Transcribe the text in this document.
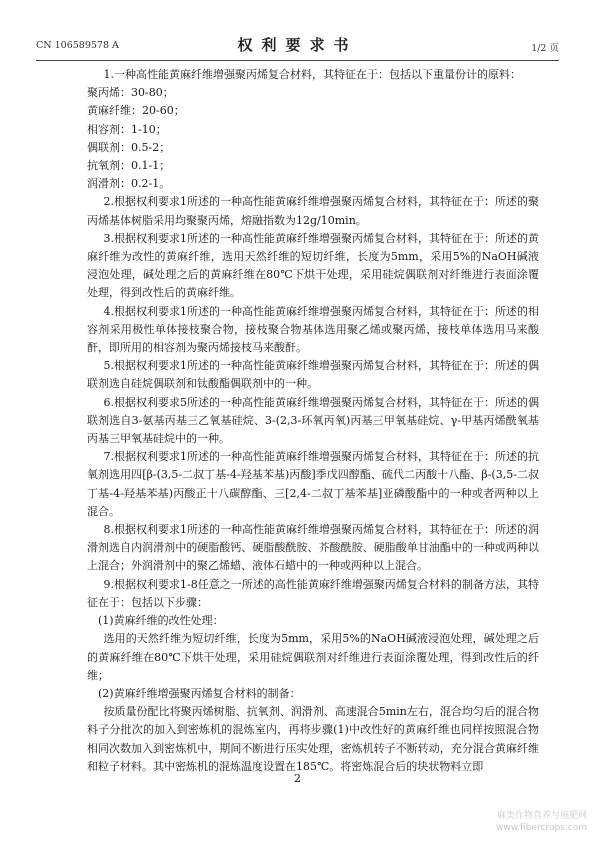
CN 106589578 A	权利要求书	1/2 页

1.一种高性能黄麻纤维增强聚丙烯复合材料，其特征在于：包括以下重量份计的原料：

聚丙烯：30-80；

黄麻纤维：20-60；

相容剂：1-10；

偶联剂：0.5-2；

抗氧剂：0.1-1；

润滑剂：0.2-1。

2.根据权利要求1所述的一种高性能黄麻纤维增强聚丙烯复合材料，其特征在于：所述的聚丙烯基体树脂采用均聚聚丙烯，熔融指数为12g/10min。

3.根据权利要求1所述的一种高性能黄麻纤维增强聚丙烯复合材料，其特征在于：所述的黄麻纤维为改性的黄麻纤维，选用天然纤维的短切纤维，长度为5mm，采用5%的NaOH碱液浸泡处理，碱处理之后的黄麻纤维在80℃下烘干处理，采用硅烷偶联剂对纤维进行表面涂覆处理，得到改性后的黄麻纤维。

4.根据权利要求1所述的一种高性能黄麻纤维增强聚丙烯复合材料，其特征在于：所述的相容剂采用极性单体接枝聚合物，接枝聚合物基体选用聚乙烯或聚丙烯，接枝单体选用马来酸酐，即所用的相容剂为聚丙烯接枝马来酸酐。

5.根据权利要求1所述的一种高性能黄麻纤维增强聚丙烯复合材料，其特征在于：所述的偶联剂选自硅烷偶联剂和钛酸酯偶联剂中的一种。

6.根据权利要求5所述的一种高性能黄麻纤维增强聚丙烯复合材料，其特征在于：所述的偶联剂选自3-氨基丙基三乙氧基硅烷、3-(2,3-环氧丙氧)丙基三甲氧基硅烷、γ-甲基丙烯酰氧基丙基三甲氧基硅烷中的一种。

7.根据权利要求1所述的一种高性能黄麻纤维增强聚丙烯复合材料，其特征在于：所述的抗氧剂选用四[β-(3,5-二叔丁基-4-羟基苯基)丙酸]季戊四醇酯、硫代二丙酸十八酯、β-(3,5-二叔丁基-4-羟基苯基)丙酸正十八碳醇酯、三[2,4-二叔丁基苯基]亚磷酸酯中的一种或者两种以上混合。

8.根据权利要求1所述的一种高性能黄麻纤维增强聚丙烯复合材料，其特征在于：所述的润滑剂选自内润滑剂中的硬脂酸钙、硬脂酸酰胺、芥酸酰胺、硬脂酸单甘油酯中的一种或两种以上混合；外润滑剂中的聚乙烯蜡、液体石蜡中的一种或两种以上混合。

9.根据权利要求1-8任意之一所述的高性能黄麻纤维增强聚丙烯复合材料的制备方法，其特征在于：包括以下步骤：

(1)黄麻纤维的改性处理：

选用的天然纤维为短切纤维，长度为5mm，采用5%的NaOH碱液浸泡处理，碱处理之后的黄麻纤维在80℃下烘干处理，采用硅烷偶联剂对纤维进行表面涂覆处理，得到改性后的纤维；

(2)黄麻纤维增强聚丙烯复合材料的制备：

按质量份配比将聚丙烯树脂、抗氧剂、润滑剂、高速混合5min左右，混合均匀后的混合物料子分批次的加入到密炼机的混炼室内，再将步骤(1)中改性好的黄麻纤维也同样按照混合物相同次数加入到密炼机中，期间不断进行压实处理，密炼机转子不断转动，充分混合黄麻纤维和粒子材料。其中密炼机的混炼温度设置在185℃。将密炼混合后的块状物料立即

2
麻类作物营养与施肥网
www.fibercrops.com
